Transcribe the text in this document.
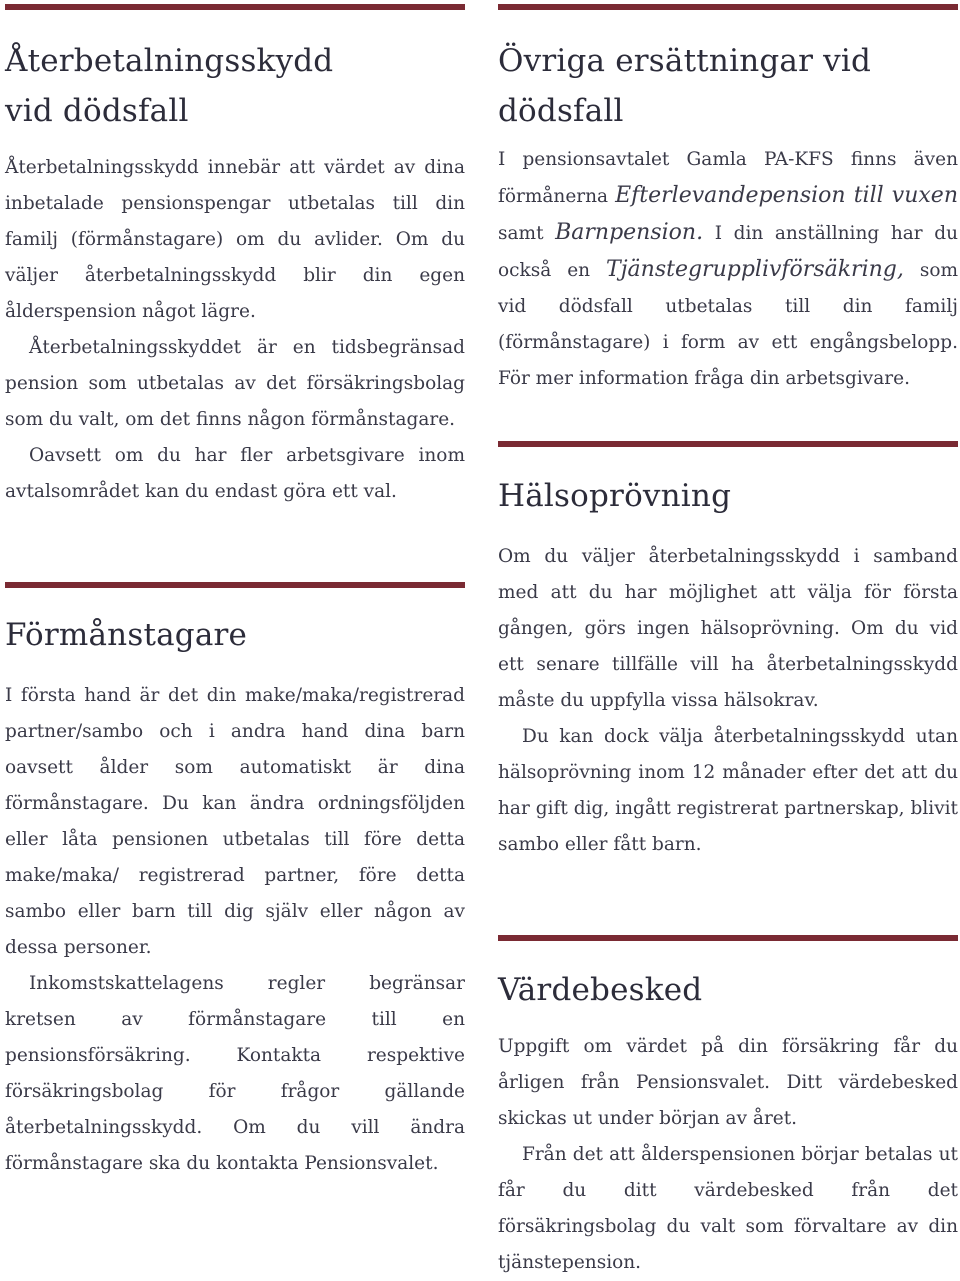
Återbetalningsskydd vid dödsfall

Återbetalningsskydd innebär att värdet av dina inbetalade pensionspengar utbetalas till din familj (förmånstagare) om du avlider. Om du väljer återbetalningsskydd blir din egen ålderspension något lägre.

Återbetalningsskyddet är en tidsbegränsad pension som utbetalas av det försäkringsbolag som du valt, om det finns någon förmånstagare.

Oavsett om du har fler arbetsgivare inom avtalsområdet kan du endast göra ett val.

Förmånstagare

I första hand är det din make/maka/registrerad partner/sambo och i andra hand dina barn oavsett ålder som automatiskt är dina förmånstagare. Du kan ändra ordningsföljden eller låta pensionen utbetalas till före detta make/maka/ registrerad partner, före detta sambo eller barn till dig själv eller någon av dessa personer.

Inkomstskattelagens regler begränsar kretsen av förmånstagare till en pensionsförsäkring. Kontakta respektive försäkringsbolag för frågor gällande återbetalningsskydd. Om du vill ändra förmånstagare ska du kontakta Pensionsvalet.

Övriga ersättningar vid dödsfall

I pensionsavtalet Gamla PA-KFS finns även förmånerna Efterlevandepension till vuxen samt Barnpension. I din anställning har du också en Tjänstegrupplivförsäkring, som vid dödsfall utbetalas till din familj (förmånstagare) i form av ett engångsbelopp. För mer information fråga din arbetsgivare.

Hälsoprövning

Om du väljer återbetalningsskydd i samband med att du har möjlighet att välja för första gången, görs ingen hälsoprövning. Om du vid ett senare tillfälle vill ha återbetalningsskydd måste du uppfylla vissa hälsokrav.

Du kan dock välja återbetalningsskydd utan hälsoprövning inom 12 månader efter det att du har gift dig, ingått registrerat partnerskap, blivit sambo eller fått barn.

Värdebesked

Uppgift om värdet på din försäkring får du årligen från Pensionsvalet. Ditt värdebesked skickas ut under början av året.

Från det att ålderspensionen börjar betalas ut får du ditt värdebesked från det försäkringsbolag du valt som förvaltare av din tjänstepension.
